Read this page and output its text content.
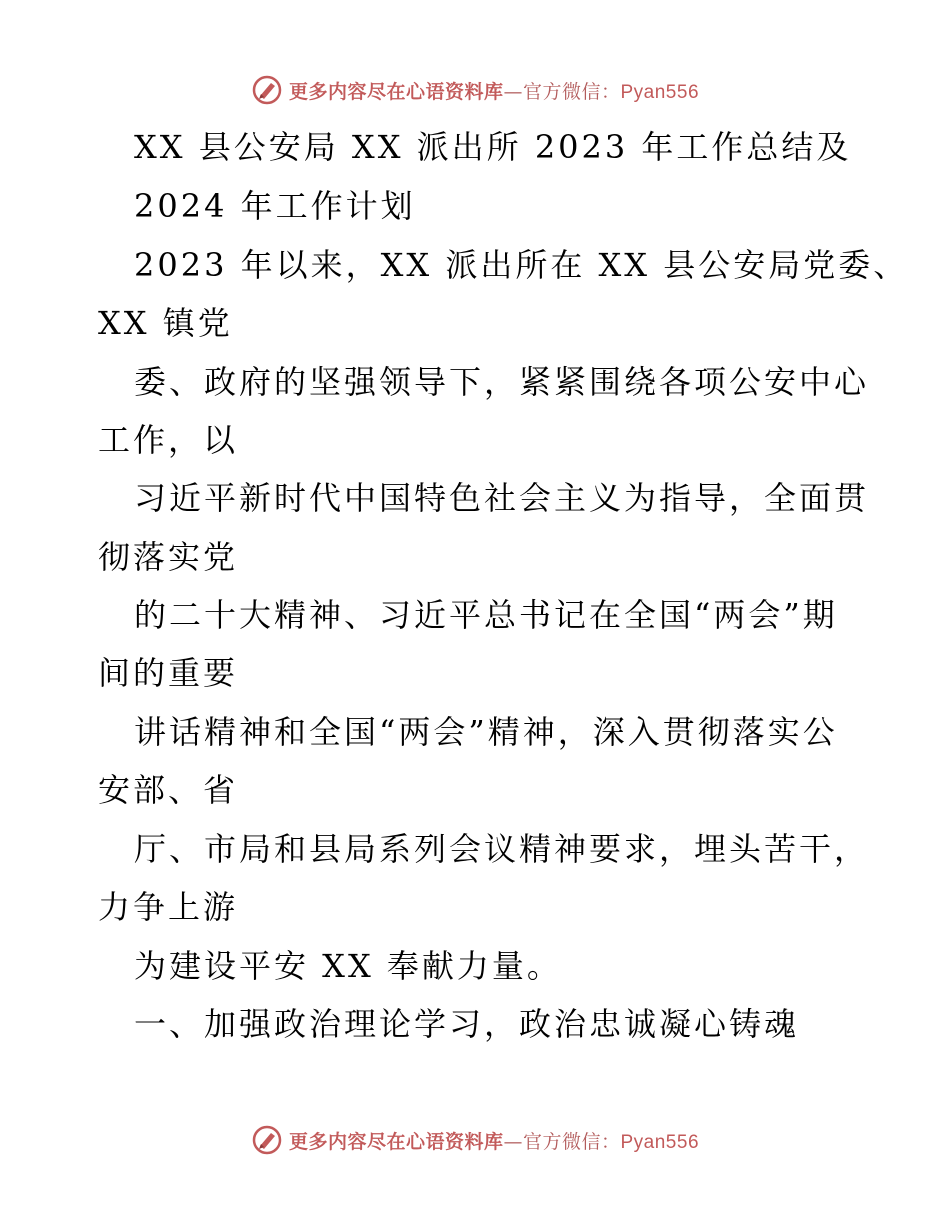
更多内容尽在心语资料库—官方微信：Pyan556
XX 县公安局 XX 派出所 2023 年工作总结及
2024 年工作计划
2023 年以来，XX 派出所在 XX 县公安局党委、
XX 镇党
委、政府的坚强领导下，紧紧围绕各项公安中心
工作，以
习近平新时代中国特色社会主义为指导，全面贯
彻落实党
的二十大精神、习近平总书记在全国“两会”期
间的重要
讲话精神和全国“两会”精神，深入贯彻落实公
安部、省
厅、市局和县局系列会议精神要求，埋头苦干，
力争上游
为建设平安 XX 奉献力量。
一、加强政治理论学习，政治忠诚凝心铸魂
更多内容尽在心语资料库—官方微信：Pyan556
